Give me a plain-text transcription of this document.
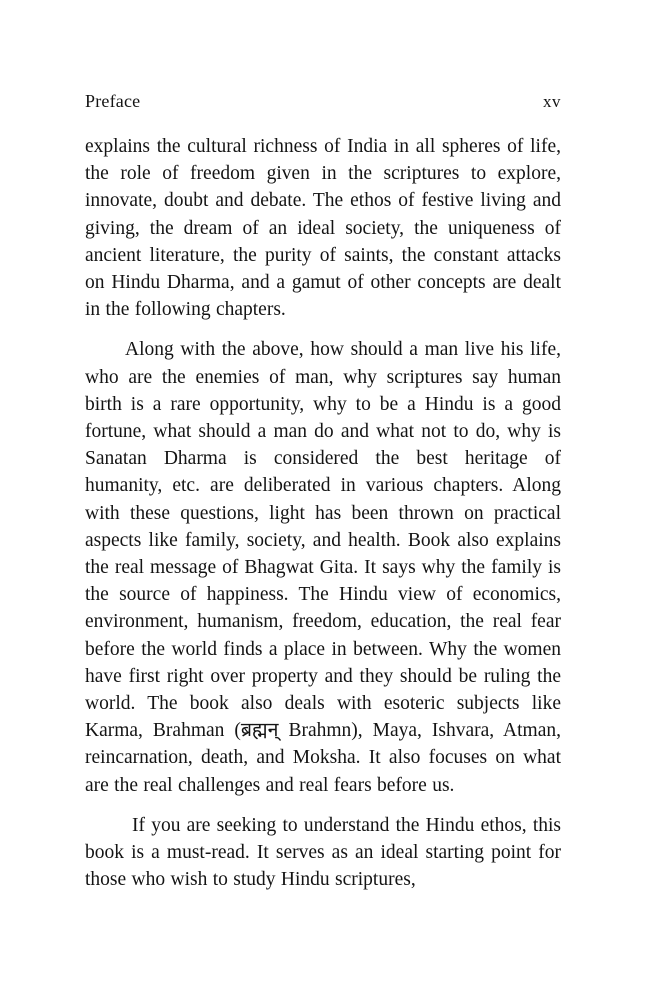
Preface	xv

explains the cultural richness of India in all spheres of life, the role of freedom given in the scriptures to explore, innovate, doubt and debate. The ethos of festive living and giving, the dream of an ideal society, the uniqueness of ancient literature, the purity of saints, the constant attacks on Hindu Dharma, and a gamut of other concepts are dealt in the following chapters.

Along with the above, how should a man live his life, who are the enemies of man, why scriptures say human birth is a rare opportunity, why to be a Hindu is a good fortune, what should a man do and what not to do, why is Sanatan Dharma is considered the best heritage of humanity, etc. are deliberated in various chapters. Along with these questions, light has been thrown on practical aspects like family, society, and health. Book also explains the real message of Bhagwat Gita. It says why the family is the source of happiness. The Hindu view of economics, environment, humanism, freedom, education, the real fear before the world finds a place in between. Why the women have first right over property and they should be ruling the world. The book also deals with esoteric subjects like Karma, Brahman (ब्रह्मन् Brahmn), Maya, Ishvara, Atman, reincarnation, death, and Moksha. It also focuses on what are the real challenges and real fears before us.

If you are seeking to understand the Hindu ethos, this book is a must-read. It serves as an ideal starting point for those who wish to study Hindu scriptures,
